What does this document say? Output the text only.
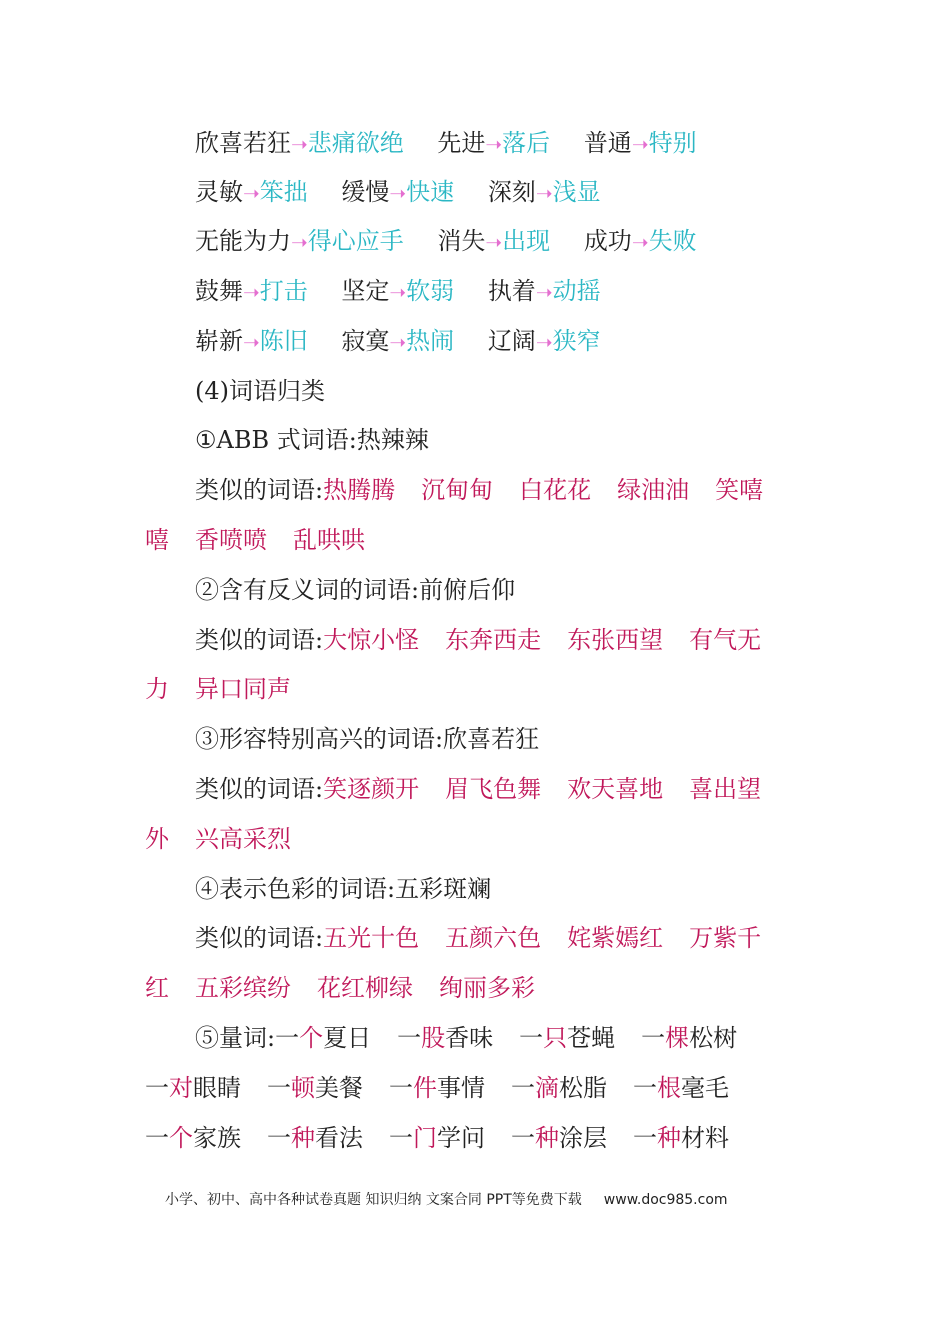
欣喜若狂➝悲痛欲绝 先进➝落后 普通➝特别
灵敏➝笨拙 缓慢➝快速 深刻➝浅显
无能为力➝得心应手 消失➝出现 成功➝失败
鼓舞➝打击 坚定➝软弱 执着➝动摇
崭新➝陈旧 寂寞➝热闹 辽阔➝狭窄
(4)词语归类
①ABB 式词语:热辣辣
类似的词语:热腾腾 沉甸甸 白花花 绿油油 笑嘻
嘻 香喷喷 乱哄哄
②含有反义词的词语:前俯后仰
类似的词语:大惊小怪 东奔西走 东张西望 有气无
力 异口同声
③形容特别高兴的词语:欣喜若狂
类似的词语:笑逐颜开 眉飞色舞 欢天喜地 喜出望
外 兴高采烈
④表示色彩的词语:五彩斑斓
类似的词语:五光十色 五颜六色 姹紫嫣红 万紫千
红 五彩缤纷 花红柳绿 绚丽多彩
⑤量词:一个夏日 一股香味 一只苍蝇 一棵松树
一对眼睛 一顿美餐 一件事情 一滴松脂 一根毫毛
一个家族 一种看法 一门学问 一种涂层 一种材料
小学、初中、高中各种试卷真题 知识归纳 文案合同 PPT等免费下载 www.doc985.com
